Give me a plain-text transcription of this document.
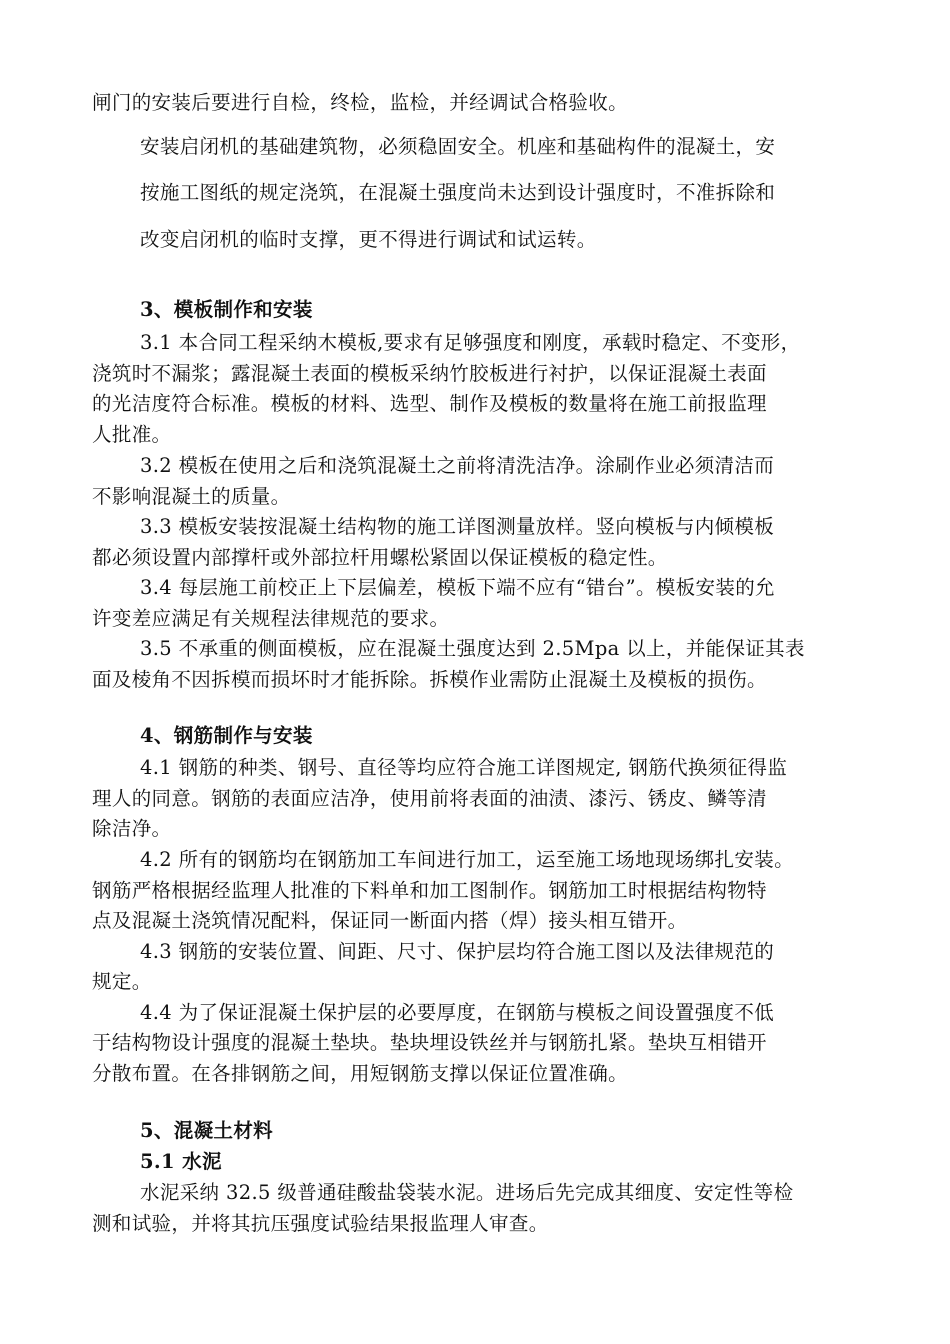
闸门的安装后要进行自检，终检，监检，并经调试合格验收。
安装启闭机的基础建筑物，必须稳固安全。机座和基础构件的混凝土，安
按施工图纸的规定浇筑，在混凝土强度尚未达到设计强度时，不准拆除和
改变启闭机的临时支撑，更不得进行调试和试运转。
3、模板制作和安装
3.1 本合同工程采纳木模板,要求有足够强度和刚度，承载时稳定、不变形，
浇筑时不漏浆；露混凝土表面的模板采纳竹胶板进行衬护，以保证混凝土表面
的光洁度符合标准。模板的材料、选型、制作及模板的数量将在施工前报监理
人批准。
3.2 模板在使用之后和浇筑混凝土之前将清洗洁净。涂刷作业必须清洁而
不影响混凝土的质量。
3.3 模板安装按混凝土结构物的施工详图测量放样。竖向模板与内倾模板
都必须设置内部撑杆或外部拉杆用螺松紧固以保证模板的稳定性。
3.4 每层施工前校正上下层偏差，模板下端不应有“错台”。模板安装的允
许变差应满足有关规程法律规范的要求。
3.5 不承重的侧面模板，应在混凝土强度达到 2.5Mpa 以上，并能保证其表
面及棱角不因拆模而损坏时才能拆除。拆模作业需防止混凝土及模板的损伤。
4、钢筋制作与安装
4.1 钢筋的种类、钢号、直径等均应符合施工详图规定, 钢筋代换须征得监
理人的同意。钢筋的表面应洁净，使用前将表面的油渍、漆污、锈皮、鳞等清
除洁净。
4.2 所有的钢筋均在钢筋加工车间进行加工，运至施工场地现场绑扎安装。
钢筋严格根据经监理人批准的下料单和加工图制作。钢筋加工时根据结构物特
点及混凝土浇筑情况配料，保证同一断面内搭（焊）接头相互错开。
4.3 钢筋的安装位置、间距、尺寸、保护层均符合施工图以及法律规范的
规定。
4.4 为了保证混凝土保护层的必要厚度，在钢筋与模板之间设置强度不低
于结构物设计强度的混凝土垫块。垫块埋设铁丝并与钢筋扎紧。垫块互相错开
分散布置。在各排钢筋之间，用短钢筋支撑以保证位置准确。
5、混凝土材料
5.1 水泥
水泥采纳 32.5 级普通硅酸盐袋装水泥。进场后先完成其细度、安定性等检
测和试验，并将其抗压强度试验结果报监理人审查。
